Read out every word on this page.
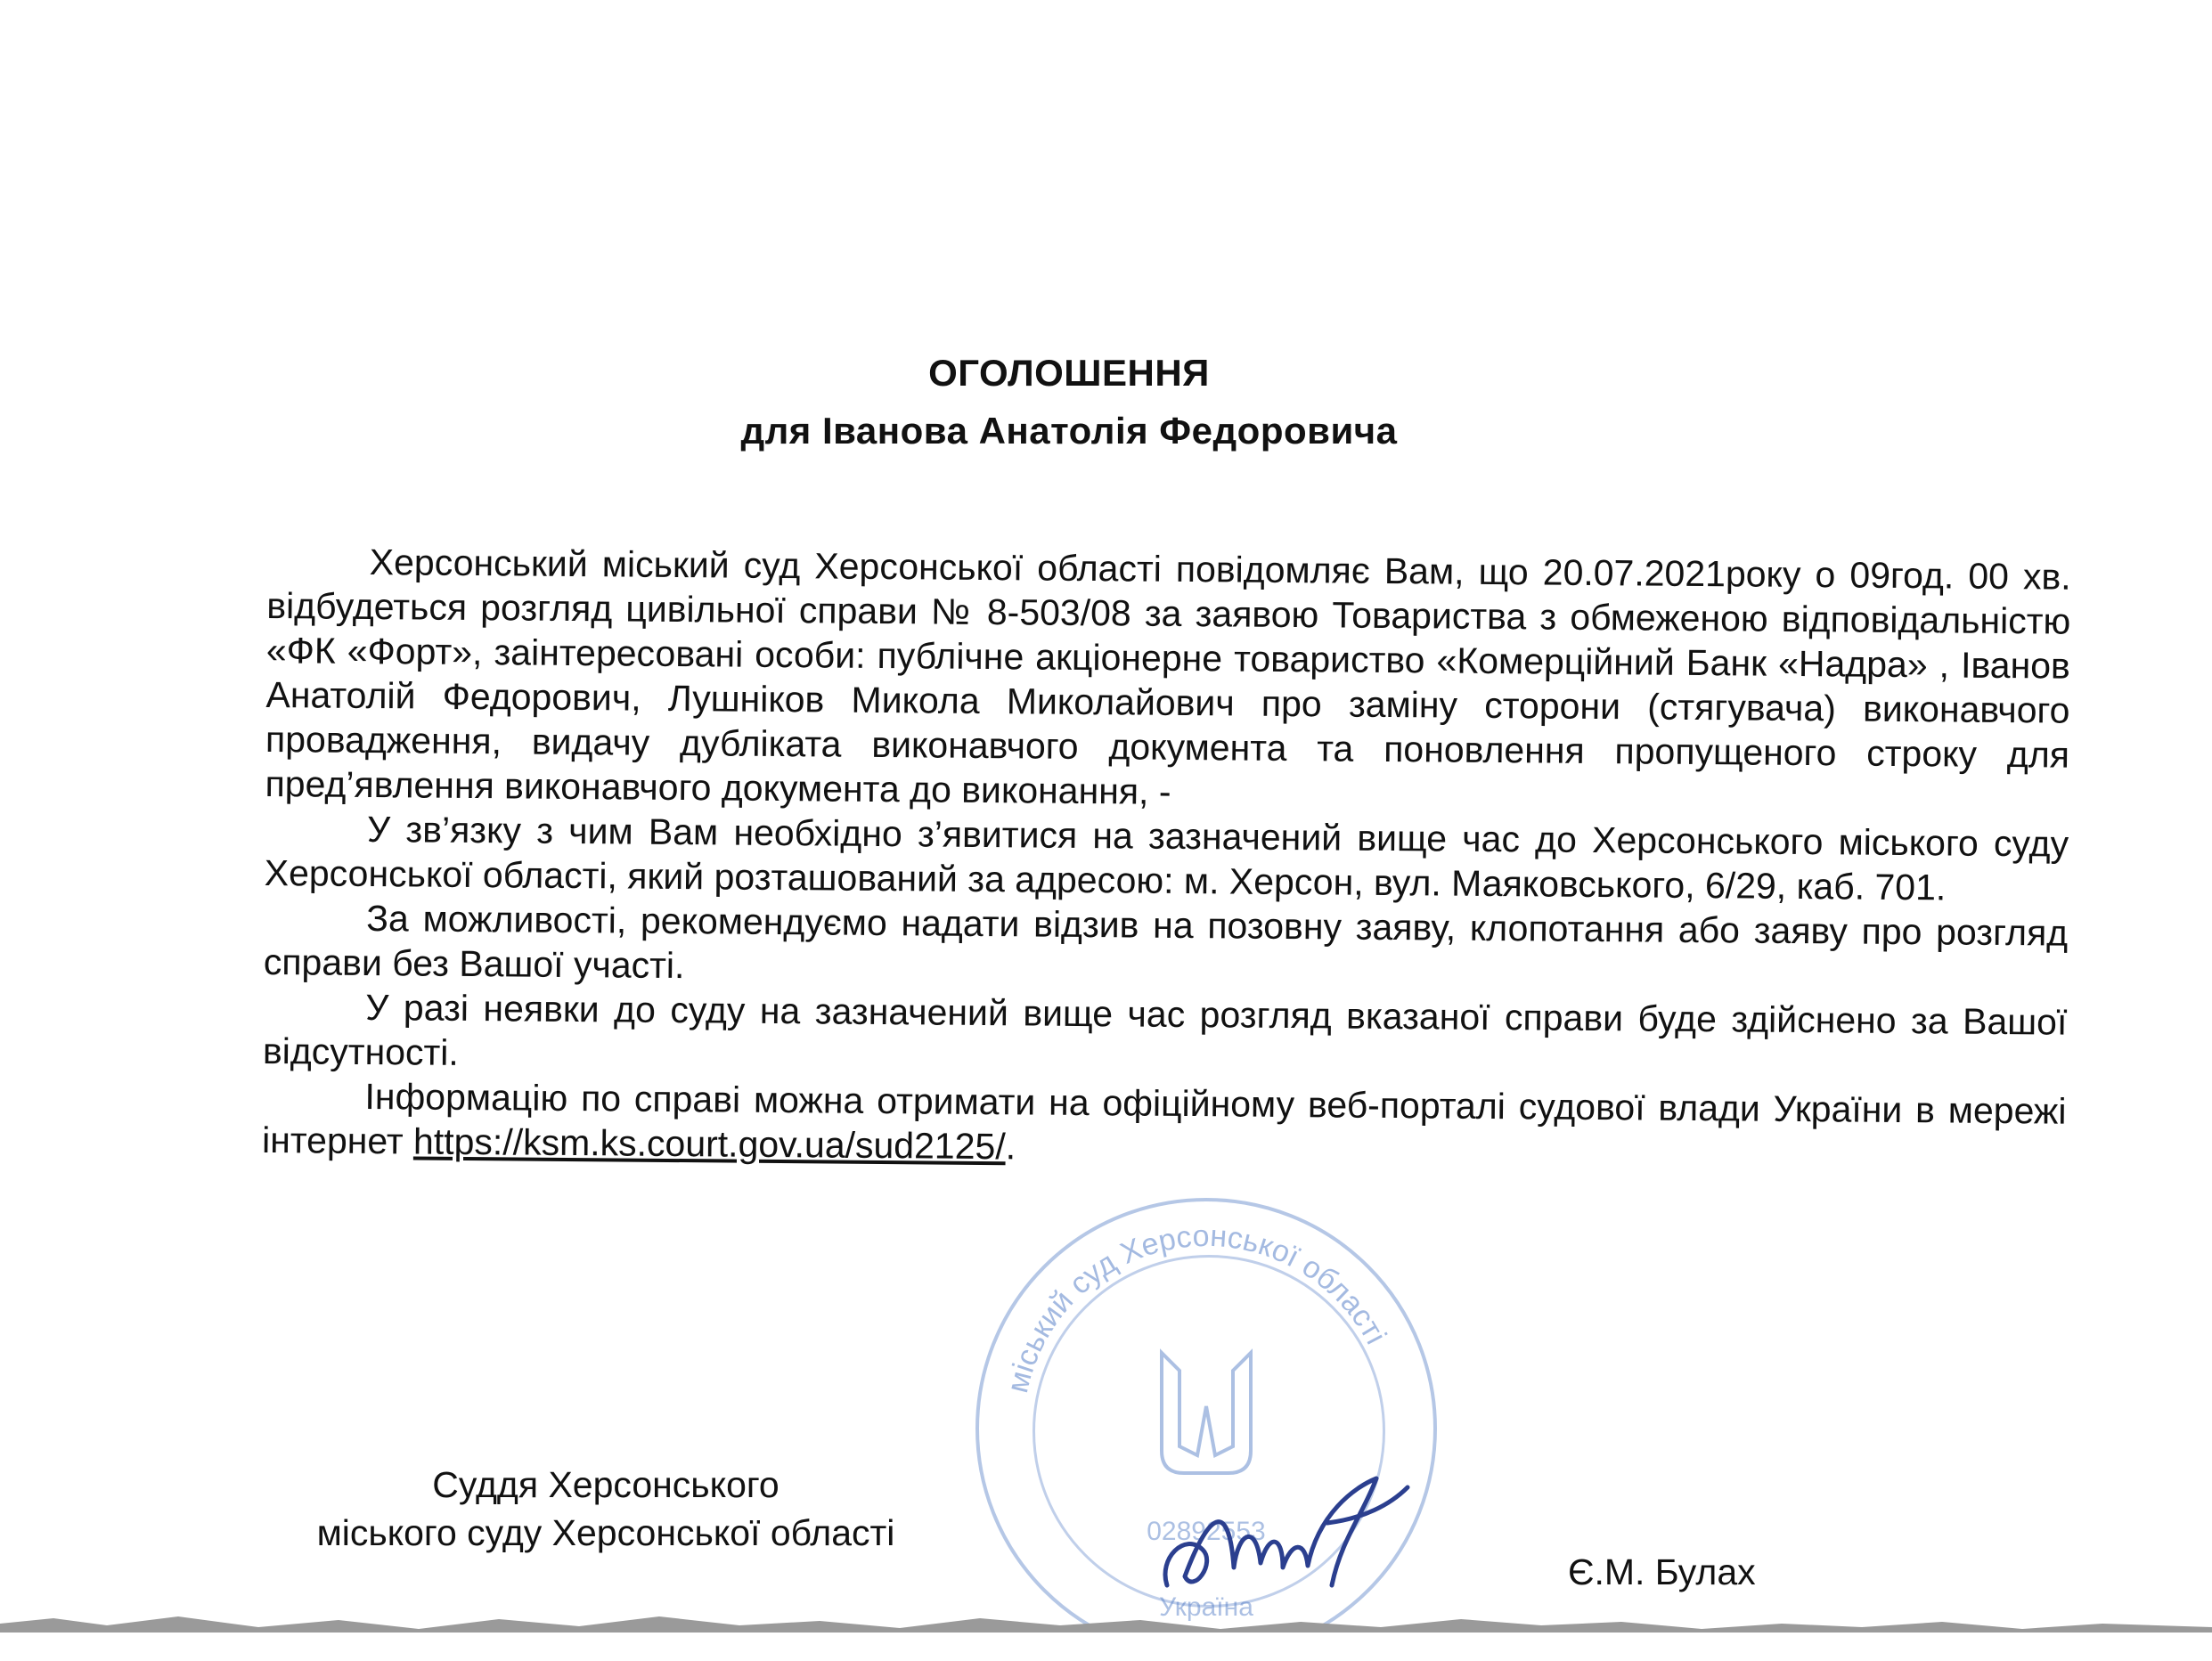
ОГОЛОШЕННЯ
для Іванова Анатолія Федоровича

Херсонський міський суд Херсонської області повідомляє Вам, що 20.07.2021року о 09год. 00 хв. відбудеться розгляд цивільної справи № 8-503/08 за заявою Товариства з обмеженою відповідальністю «ФК «Форт», заінтересовані особи: публічне акціонерне товариство «Комерційний Банк «Надра» , Іванов Анатолій Федорович, Лушніков Микола Миколайович про заміну сторони (стягувача) виконавчого провадження, видачу дубліката виконавчого документа та поновлення пропущеного строку для пред’явлення виконавчого документа до виконання, -

У зв’язку з чим Вам необхідно з’явитися на зазначений вище час до Херсонського міського суду Херсонської області, який розташований за адресою: м. Херсон, вул. Маяковського, 6/29, каб. 701.

За можливості, рекомендуємо надати відзив на позовну заяву, клопотання або заяву про розгляд справи без Вашої участі.

У разі неявки до суду на зазначений вище час розгляд вказаної справи буде здійснено за Вашої відсутності.

Інформацію по справі можна отримати на офіційному веб-порталі судової влади України в мережі інтернет https://ksm.ks.court.gov.ua/sud2125/.

міський суд Херсонської області
02892553
Україна
Суддя Херсонського
міського суду Херсонської області
Є.М. Булах
